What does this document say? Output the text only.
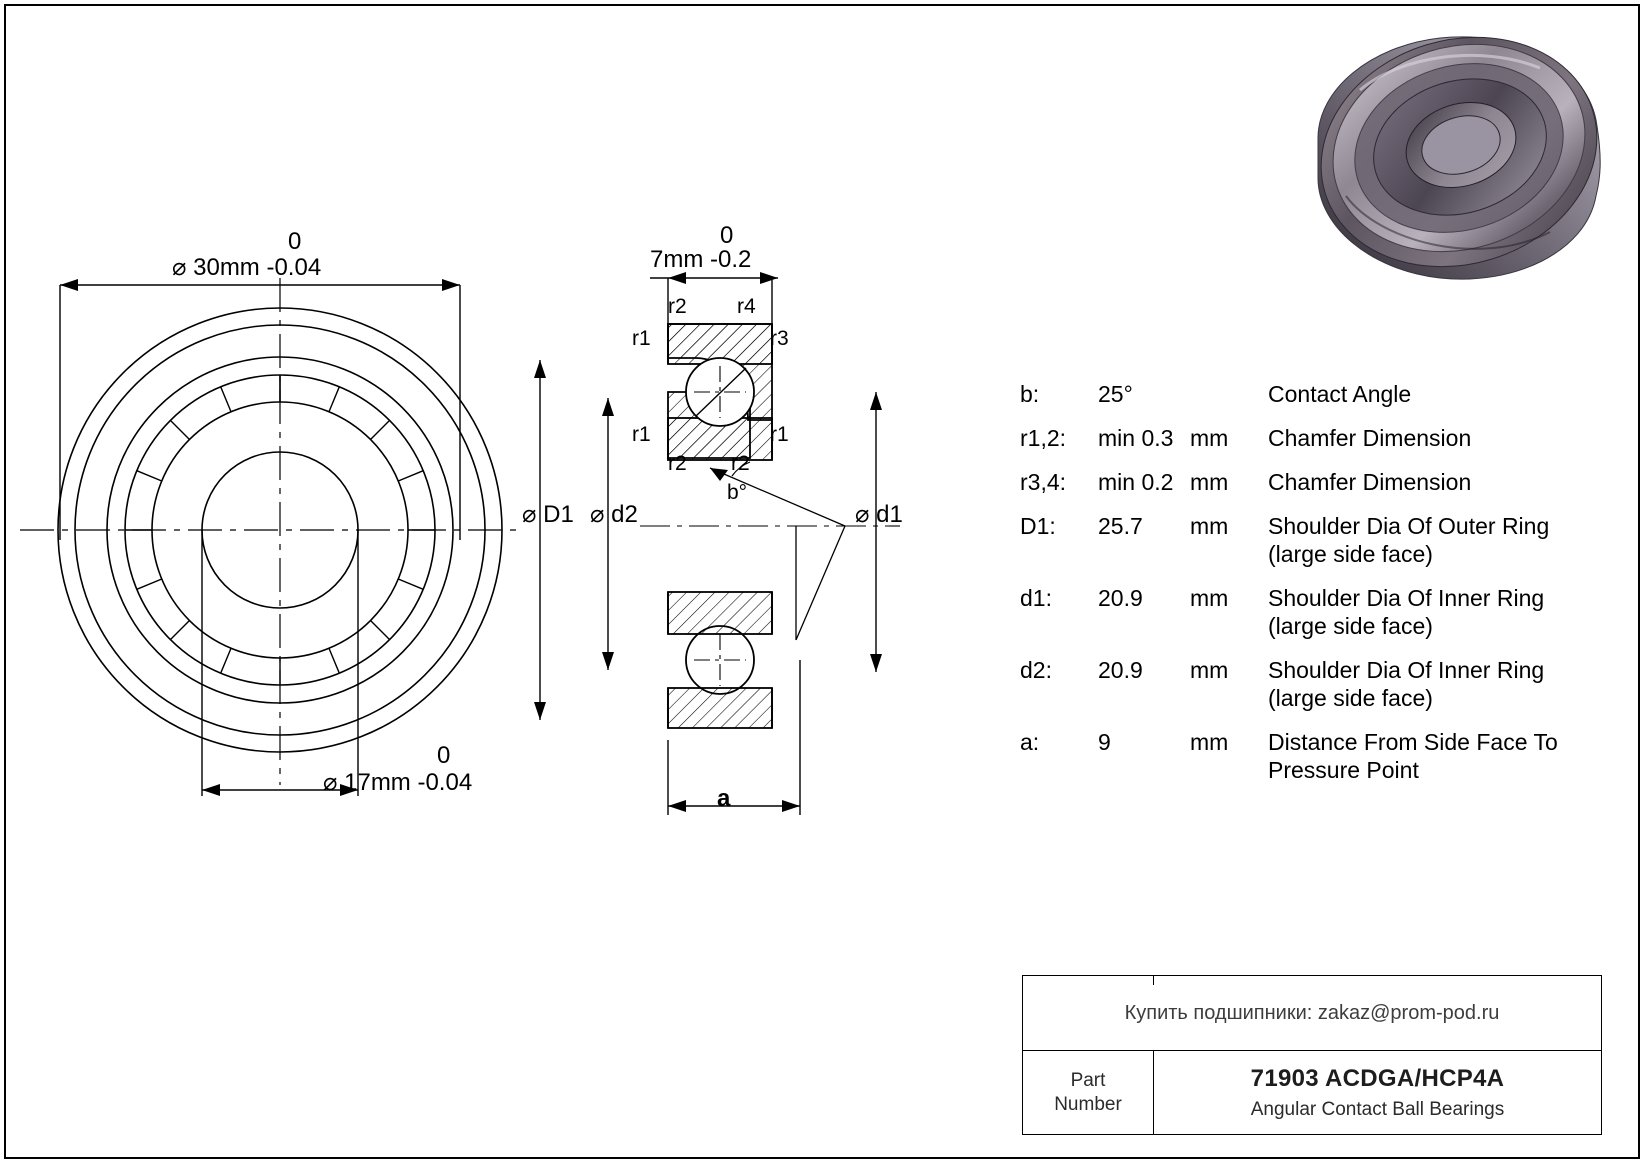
0
⌀ 30mm -0.04
0
⌀ 17mm -0.04
0
7mm -0.2
r2 r4
r1	r3
r1	r1
r2 r2
b°
⌀ D1 ⌀ d2	⌀ d1
a
b:	25°	Contact Angle
r1,2:	min 0.3 mm	Chamfer Dimension
r3,4:	min 0.2 mm	Chamfer Dimension
D1:	25.7	mm	Shoulder Dia Of Outer Ring
(large side face)
d1:	20.9	mm	Shoulder Dia Of Inner Ring
(large side face)
d2:	20.9	mm	Shoulder Dia Of Inner Ring
(large side face)
a:	9	mm	Distance From Side Face To
Pressure Point
Купить подшипники: zakaz@prom-pod.ru
Part
Number
71903 ACDGA/HCP4A
Angular Contact Ball Bearings
